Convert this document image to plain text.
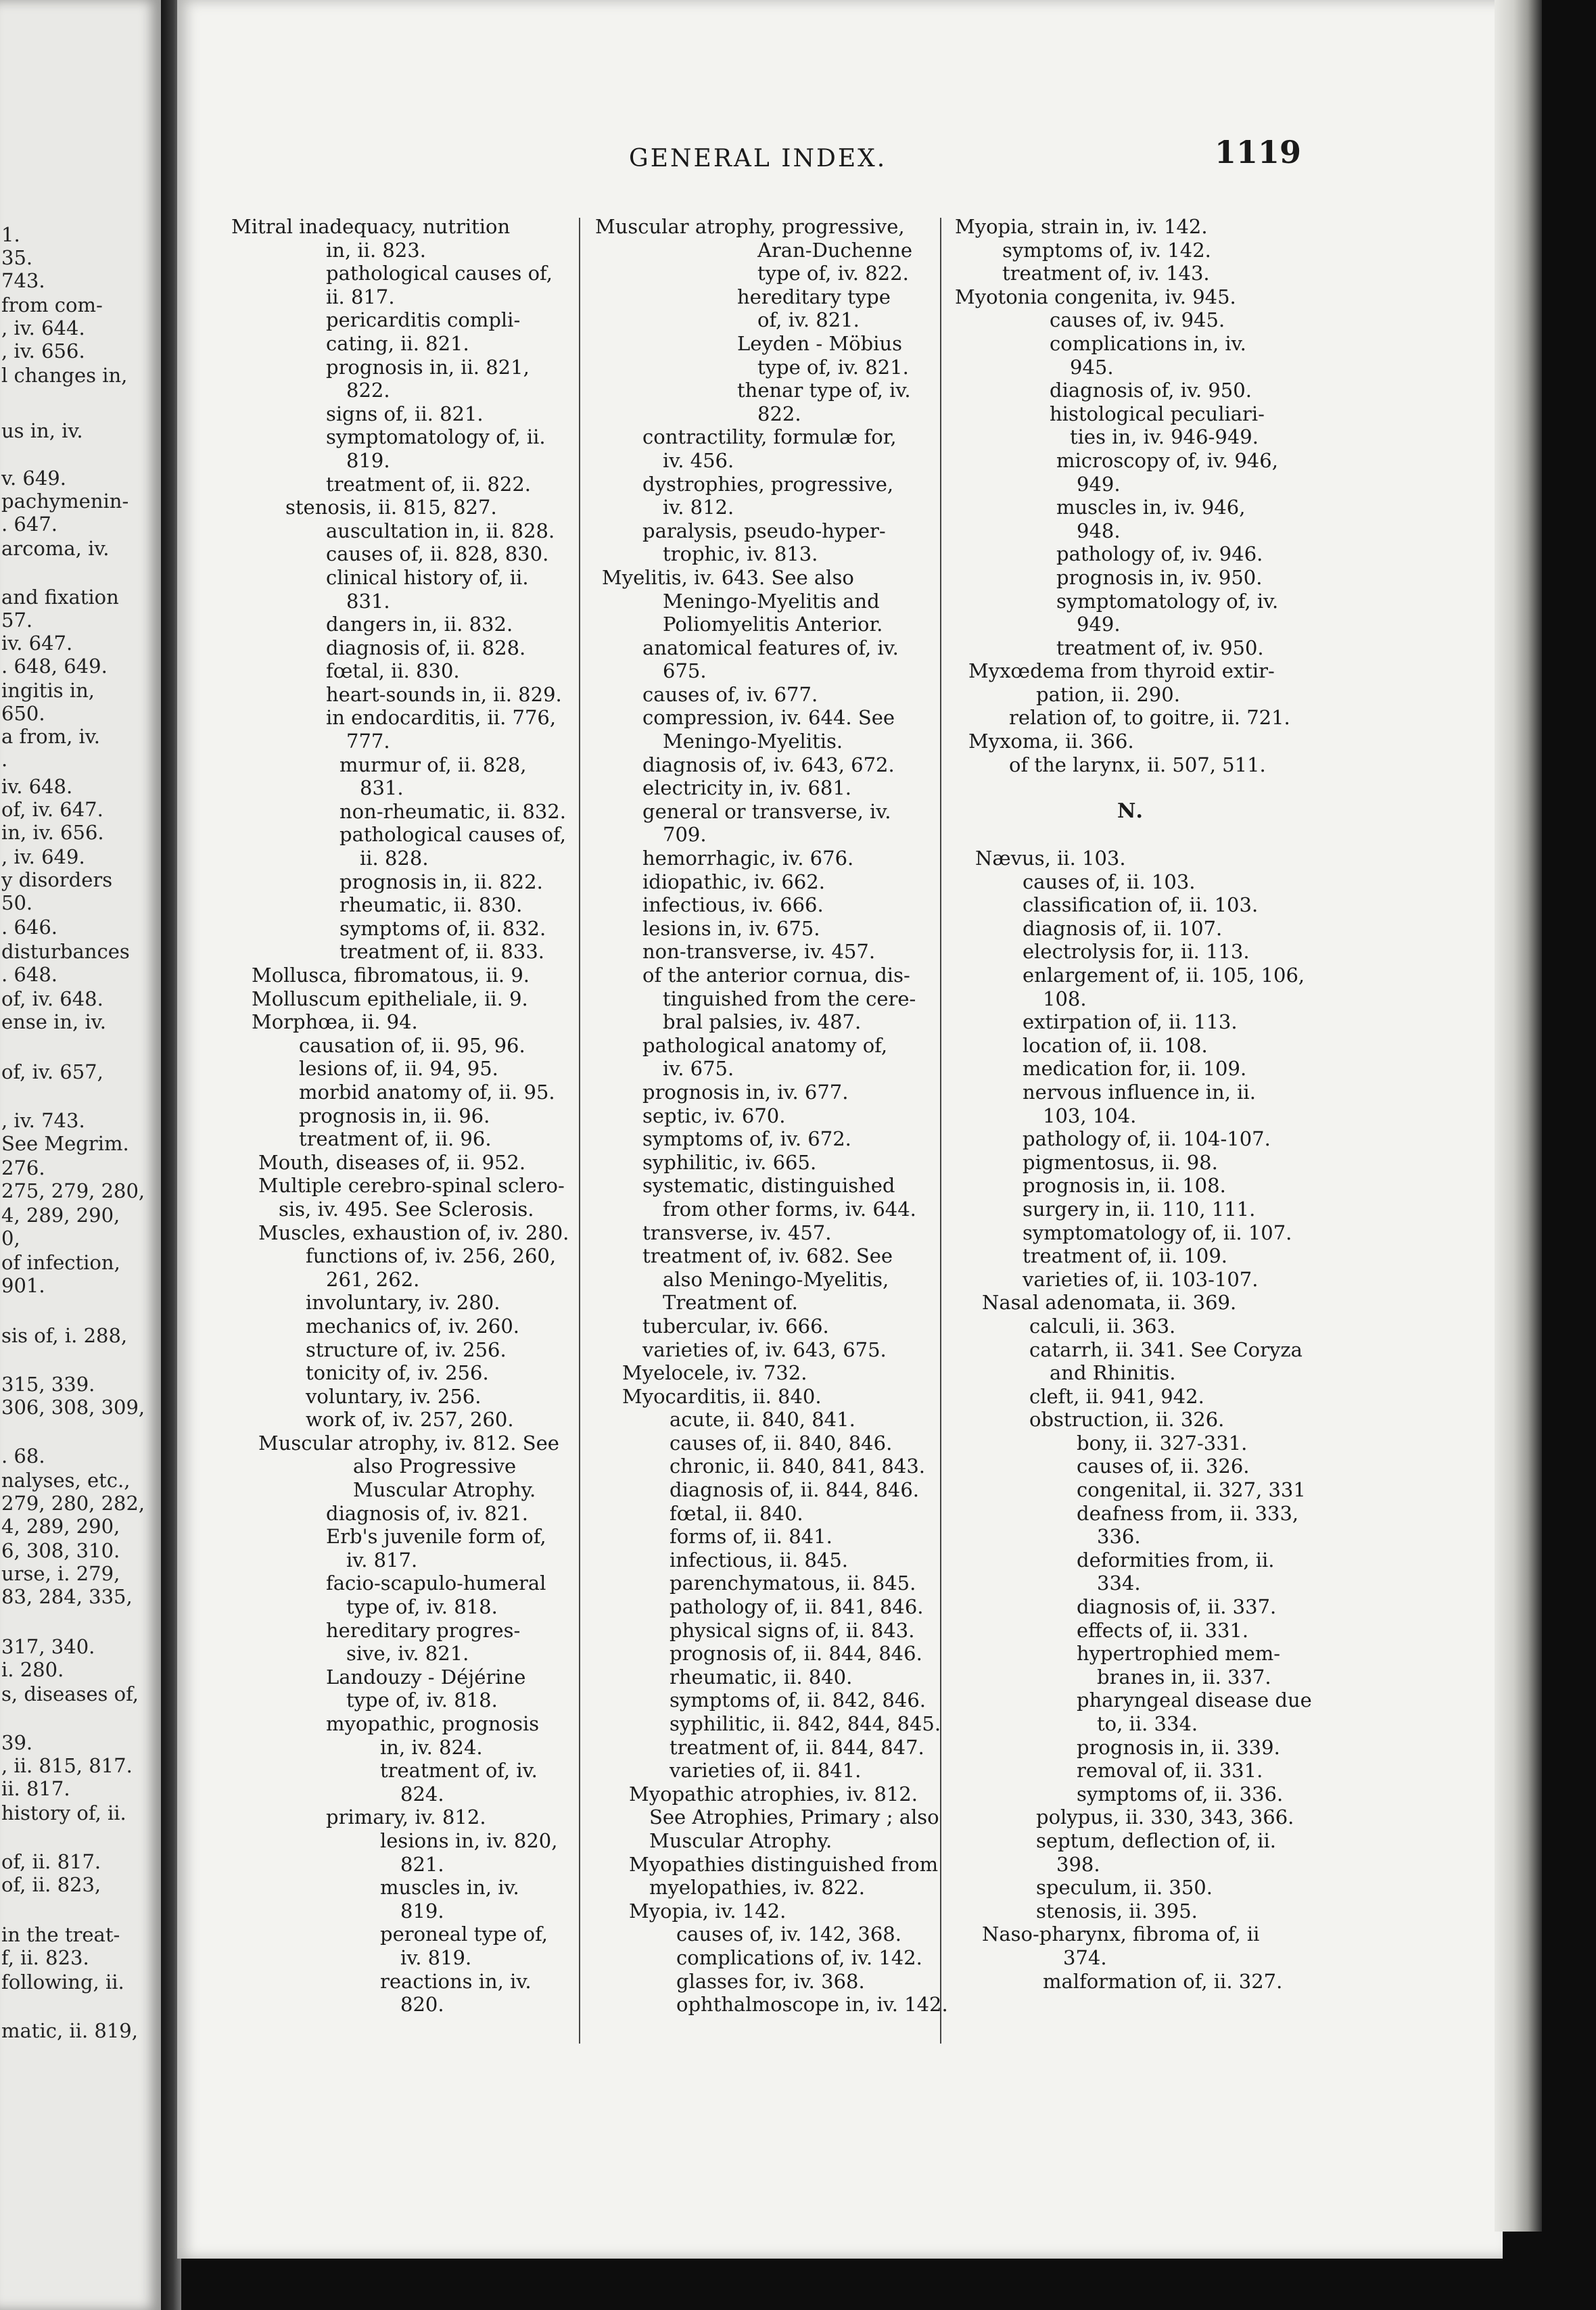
1.
35.
743.
from com-
, iv. 644.
, iv. 656.
l changes in,
us in, iv.
v. 649.
pachymenin-
. 647.
arcoma, iv.
and fixation
57.
iv. 647.
. 648, 649.
ingitis in,
650.
a from, iv.
.
iv. 648.
of, iv. 647.
in, iv. 656.
, iv. 649.
y disorders
50.
. 646.
disturbances
. 648.
of, iv. 648.
ense in, iv.
of, iv. 657,
, iv. 743.
See Megrim.
276.
275, 279, 280,
4, 289, 290,
0,
of infection,
901.
sis of, i. 288,
315, 339.
306, 308, 309,
. 68.
nalyses, etc.,
279, 280, 282,
4, 289, 290,
6, 308, 310.
urse, i. 279,
83, 284, 335,
317, 340.
i. 280.
s, diseases of,
39.
, ii. 815, 817.
ii. 817.
history of, ii.
of, ii. 817.
of, ii. 823,
in the treat-
f, ii. 823.
following, ii.
matic, ii. 819,
GENERAL INDEX.	1119
Mitral inadequacy, nutrition
in, ii. 823.
pathological causes of,
ii. 817.
pericarditis compli-
cating, ii. 821.
prognosis in, ii. 821,
822.
signs of, ii. 821.
symptomatology of, ii.
819.
treatment of, ii. 822.
stenosis, ii. 815, 827.
auscultation in, ii. 828.
causes of, ii. 828, 830.
clinical history of, ii.
831.
dangers in, ii. 832.
diagnosis of, ii. 828.
fœtal, ii. 830.
heart-sounds in, ii. 829.
in endocarditis, ii. 776,
777.
murmur of, ii. 828,
831.
non-rheumatic, ii. 832.
pathological causes of,
ii. 828.
prognosis in, ii. 822.
rheumatic, ii. 830.
symptoms of, ii. 832.
treatment of, ii. 833.
Mollusca, fibromatous, ii. 9.
Molluscum epitheliale, ii. 9.
Morphœa, ii. 94.
causation of, ii. 95, 96.
lesions of, ii. 94, 95.
morbid anatomy of, ii. 95.
prognosis in, ii. 96.
treatment of, ii. 96.
Mouth, diseases of, ii. 952.
Multiple cerebro-spinal sclero-
sis, iv. 495. See Sclerosis.
Muscles, exhaustion of, iv. 280.
functions of, iv. 256, 260,
261, 262.
involuntary, iv. 280.
mechanics of, iv. 260.
structure of, iv. 256.
tonicity of, iv. 256.
voluntary, iv. 256.
work of, iv. 257, 260.
Muscular atrophy, iv. 812. See
also Progressive
Muscular Atrophy.
diagnosis of, iv. 821.
Erb's juvenile form of,
iv. 817.
facio-scapulo-humeral
type of, iv. 818.
hereditary progres-
sive, iv. 821.
Landouzy - Déjérine
type of, iv. 818.
myopathic, prognosis
in, iv. 824.
treatment of, iv.
824.
primary, iv. 812.
lesions in, iv. 820,
821.
muscles in, iv.
819.
peroneal type of,
iv. 819.
reactions in, iv.
820.
Muscular atrophy, progressive,
Aran-Duchenne
type of, iv. 822.
hereditary type
of, iv. 821.
Leyden - Möbius
type of, iv. 821.
thenar type of, iv.
822.
contractility, formulæ for,
iv. 456.
dystrophies, progressive,
iv. 812.
paralysis, pseudo-hyper-
trophic, iv. 813.
Myelitis, iv. 643. See also
Meningo-Myelitis and
Poliomyelitis Anterior.
anatomical features of, iv.
675.
causes of, iv. 677.
compression, iv. 644. See
Meningo-Myelitis.
diagnosis of, iv. 643, 672.
electricity in, iv. 681.
general or transverse, iv.
709.
hemorrhagic, iv. 676.
idiopathic, iv. 662.
infectious, iv. 666.
lesions in, iv. 675.
non-transverse, iv. 457.
of the anterior cornua, dis-
tinguished from the cere-
bral palsies, iv. 487.
pathological anatomy of,
iv. 675.
prognosis in, iv. 677.
septic, iv. 670.
symptoms of, iv. 672.
syphilitic, iv. 665.
systematic, distinguished
from other forms, iv. 644.
transverse, iv. 457.
treatment of, iv. 682. See
also Meningo-Myelitis,
Treatment of.
tubercular, iv. 666.
varieties of, iv. 643, 675.
Myelocele, iv. 732.
Myocarditis, ii. 840.
acute, ii. 840, 841.
causes of, ii. 840, 846.
chronic, ii. 840, 841, 843.
diagnosis of, ii. 844, 846.
fœtal, ii. 840.
forms of, ii. 841.
infectious, ii. 845.
parenchymatous, ii. 845.
pathology of, ii. 841, 846.
physical signs of, ii. 843.
prognosis of, ii. 844, 846.
rheumatic, ii. 840.
symptoms of, ii. 842, 846.
syphilitic, ii. 842, 844, 845.
treatment of, ii. 844, 847.
varieties of, ii. 841.
Myopathic atrophies, iv. 812.
See Atrophies, Primary ; also
Muscular Atrophy.
Myopathies distinguished from
myelopathies, iv. 822.
Myopia, iv. 142.
causes of, iv. 142, 368.
complications of, iv. 142.
glasses for, iv. 368.
ophthalmoscope in, iv. 142.
Myopia, strain in, iv. 142.
symptoms of, iv. 142.
treatment of, iv. 143.
Myotonia congenita, iv. 945.
causes of, iv. 945.
complications in, iv.
945.
diagnosis of, iv. 950.
histological peculiari-
ties in, iv. 946-949.
microscopy of, iv. 946,
949.
muscles in, iv. 946,
948.
pathology of, iv. 946.
prognosis in, iv. 950.
symptomatology of, iv.
949.
treatment of, iv. 950.
Myxœdema from thyroid extir-
pation, ii. 290.
relation of, to goitre, ii. 721.
Myxoma, ii. 366.
of the larynx, ii. 507, 511.

N.

Nævus, ii. 103.
causes of, ii. 103.
classification of, ii. 103.
diagnosis of, ii. 107.
electrolysis for, ii. 113.
enlargement of, ii. 105, 106,
108.
extirpation of, ii. 113.
location of, ii. 108.
medication for, ii. 109.
nervous influence in, ii.
103, 104.
pathology of, ii. 104-107.
pigmentosus, ii. 98.
prognosis in, ii. 108.
surgery in, ii. 110, 111.
symptomatology of, ii. 107.
treatment of, ii. 109.
varieties of, ii. 103-107.
Nasal adenomata, ii. 369.
calculi, ii. 363.
catarrh, ii. 341. See Coryza
and Rhinitis.
cleft, ii. 941, 942.
obstruction, ii. 326.
bony, ii. 327-331.
causes of, ii. 326.
congenital, ii. 327, 331
deafness from, ii. 333,
336.
deformities from, ii.
334.
diagnosis of, ii. 337.
effects of, ii. 331.
hypertrophied mem-
branes in, ii. 337.
pharyngeal disease due
to, ii. 334.
prognosis in, ii. 339.
removal of, ii. 331.
symptoms of, ii. 336.
polypus, ii. 330, 343, 366.
septum, deflection of, ii.
398.
speculum, ii. 350.
stenosis, ii. 395.
Naso-pharynx, fibroma of, ii
374.
malformation of, ii. 327.
